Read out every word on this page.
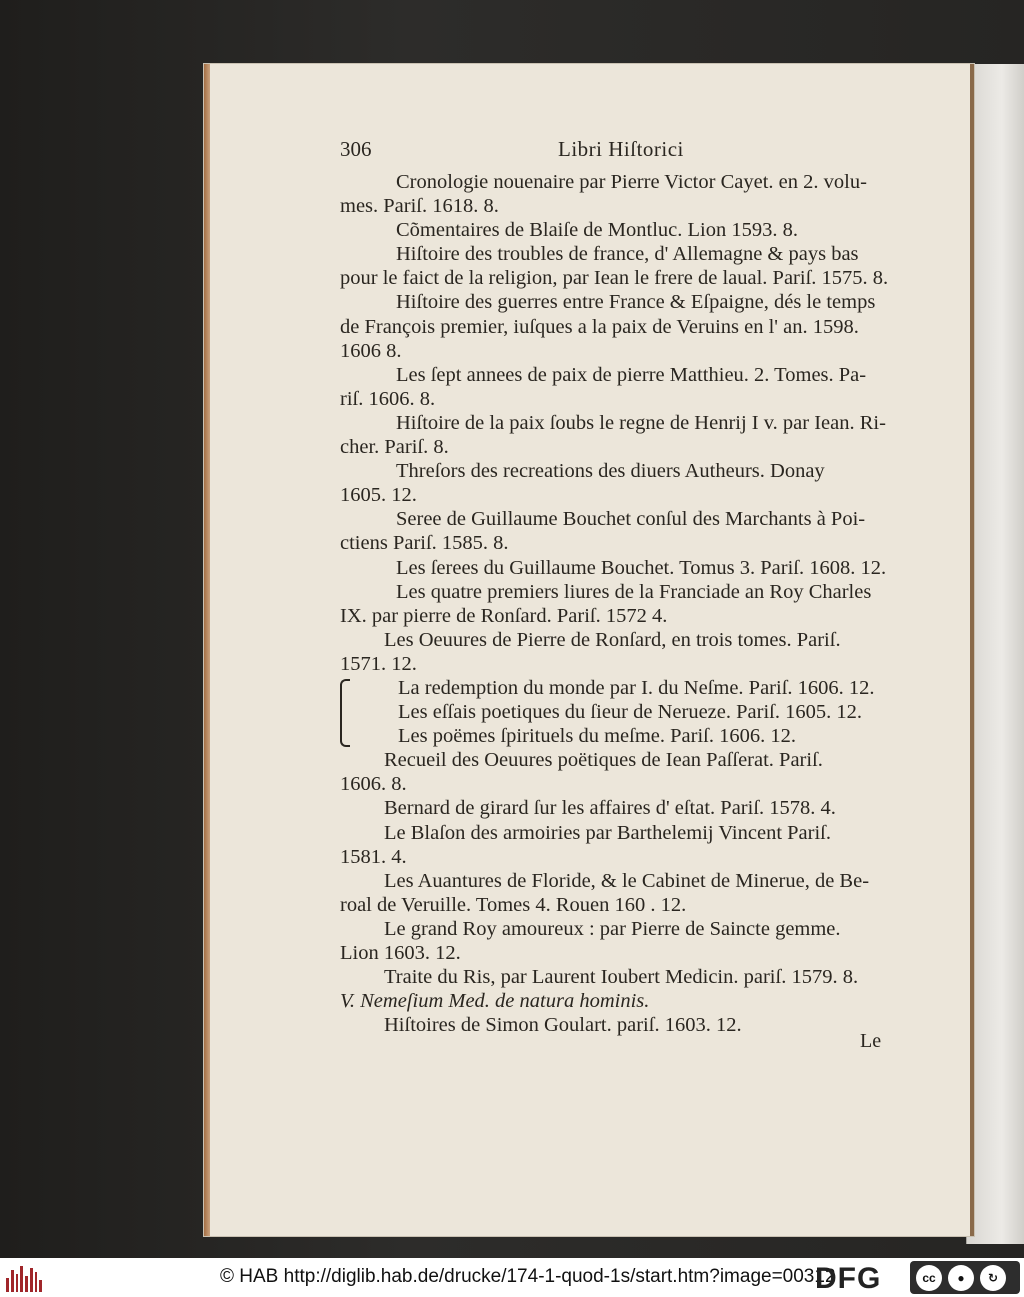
306	Libri Hiſtorici
Cronologie nouenaire par Pierre Victor Cayet. en 2. volu-
mes. Pariſ. 1618. 8.
Cõmentaires de Blaiſe de Montluc. Lion 1593. 8.
Hiſtoire des troubles de france, d' Allemagne & pays bas
pour le faict de la religion, par Iean le frere de laual. Pariſ. 1575. 8.
Hiſtoire des guerres entre France & Eſpaigne, dés le temps
de François premier, iuſques a la paix de Veruins en l' an. 1598.
1606 8.
Les ſept annees de paix de pierre Matthieu. 2. Tomes. Pa-
riſ. 1606. 8.
Hiſtoire de la paix ſoubs le regne de Henrij I v. par Iean. Ri-
cher. Pariſ. 8.
Threſors des recreations des diuers Autheurs. Donay
1605. 12.
Seree de Guillaume Bouchet conſul des Marchants à Poi-
ctiens Pariſ. 1585. 8.
Les ſerees du Guillaume Bouchet. Tomus 3. Pariſ. 1608. 12.
Les quatre premiers liures de la Franciade an Roy Charles
IX. par pierre de Ronſard. Pariſ. 1572 4.
Les Oeuures de Pierre de Ronſard, en trois tomes. Pariſ.
1571. 12.
La redemption du monde par I. du Neſme. Pariſ. 1606. 12.
Les eſſais poetiques du ſieur de Nerueze. Pariſ. 1605. 12.
Les poëmes ſpirituels du meſme. Pariſ. 1606. 12.
Recueil des Oeuures poëtiques de Iean Paſſerat. Pariſ.
1606. 8.
Bernard de girard ſur les affaires d' eſtat. Pariſ. 1578. 4.
Le Blaſon des armoiries par Barthelemij Vincent Pariſ.
1581. 4.
Les Auantures de Floride, & le Cabinet de Minerue, de Be-
roal de Veruille. Tomes 4. Rouen 160 . 12.
Le grand Roy amoureux : par Pierre de Saincte gemme.
Lion 1603. 12.
Traite du Ris, par Laurent Ioubert Medicin. pariſ. 1579. 8.
V. Nemeſium Med. de natura hominis.
Hiſtoires de Simon Goulart. pariſ. 1603. 12.
Le
© HAB http://diglib.hab.de/drucke/174-1-quod-1s/start.htm?image=00312
DFG	cc	●	↻
BY	SA
